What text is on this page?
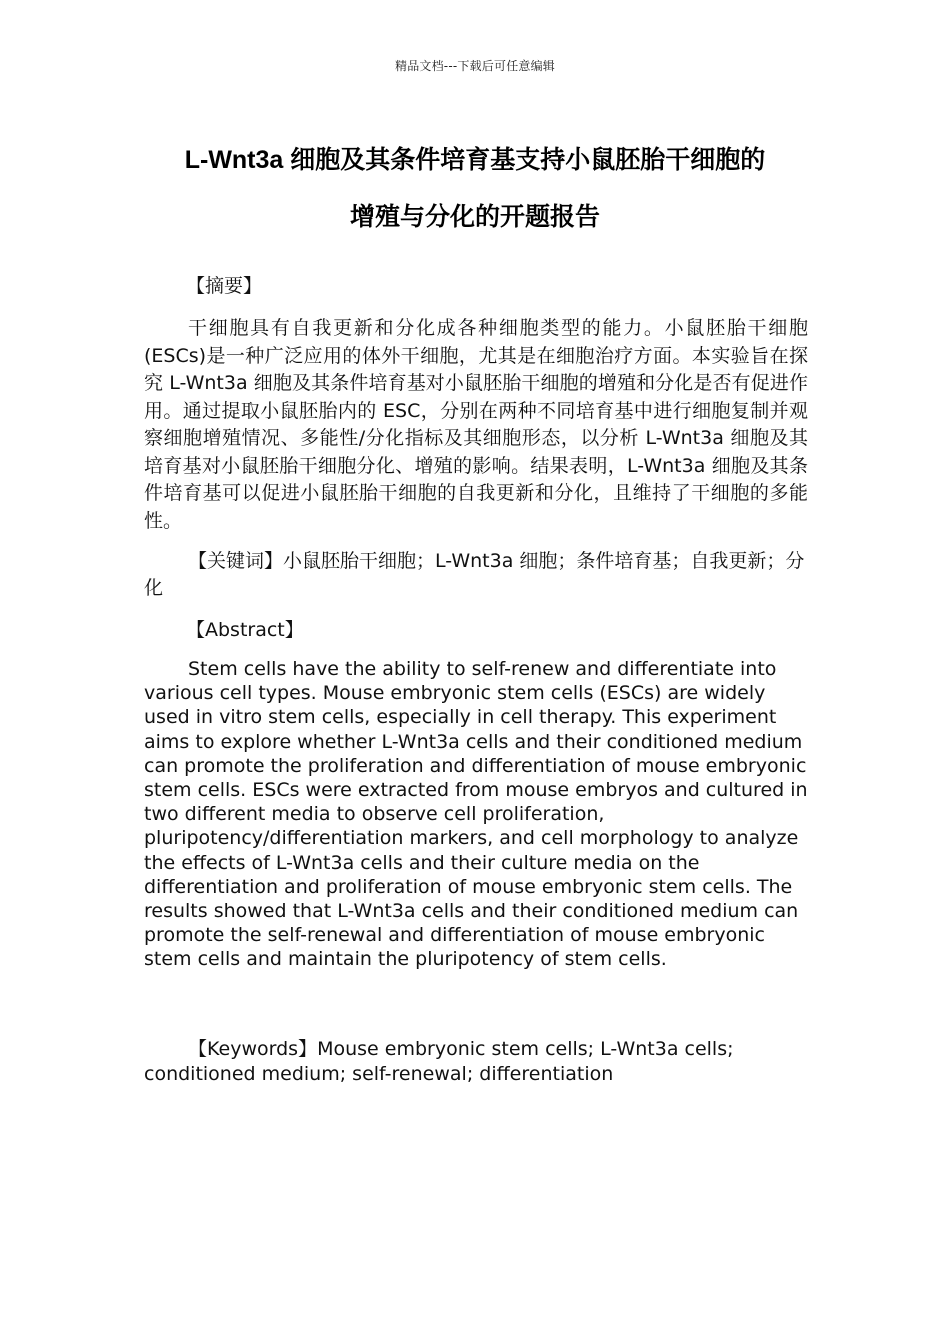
精品文档---下载后可任意编辑
L-Wnt3a 细胞及其条件培育基支持小鼠胚胎干细胞的
增殖与分化的开题报告
【摘要】

干细胞具有自我更新和分化成各种细胞类型的能力。小鼠胚胎干细胞(ESCs)是一种广泛应用的体外干细胞，尤其是在细胞治疗方面。本实验旨在探究 L-Wnt3a 细胞及其条件培育基对小鼠胚胎干细胞的增殖和分化是否有促进作用。通过提取小鼠胚胎内的 ESC，分别在两种不同培育基中进行细胞复制并观察细胞增殖情况、多能性/分化指标及其细胞形态，以分析 L-Wnt3a 细胞及其培育基对小鼠胚胎干细胞分化、增殖的影响。结果表明，L-Wnt3a 细胞及其条件培育基可以促进小鼠胚胎干细胞的自我更新和分化，且维持了干细胞的多能性。

【关键词】小鼠胚胎干细胞；L-Wnt3a 细胞；条件培育基；自我更新；分化

【Abstract】

Stem cells have the ability to self-renew and differentiate into various cell types. Mouse embryonic stem cells (ESCs) are widely used in vitro stem cells, especially in cell therapy. This experiment aims to explore whether L-Wnt3a cells and their conditioned medium can promote the proliferation and differentiation of mouse embryonic stem cells. ESCs were extracted from mouse embryos and cultured in two different media to observe cell proliferation, pluripotency/differentiation markers, and cell morphology to analyze the effects of L-Wnt3a cells and their culture media on the differentiation and proliferation of mouse embryonic stem cells. The results showed that L-Wnt3a cells and their conditioned medium can promote the self-renewal and differentiation of mouse embryonic stem cells and maintain the pluripotency of stem cells.

【Keywords】Mouse embryonic stem cells; L-Wnt3a cells; conditioned medium; self-renewal; differentiation
